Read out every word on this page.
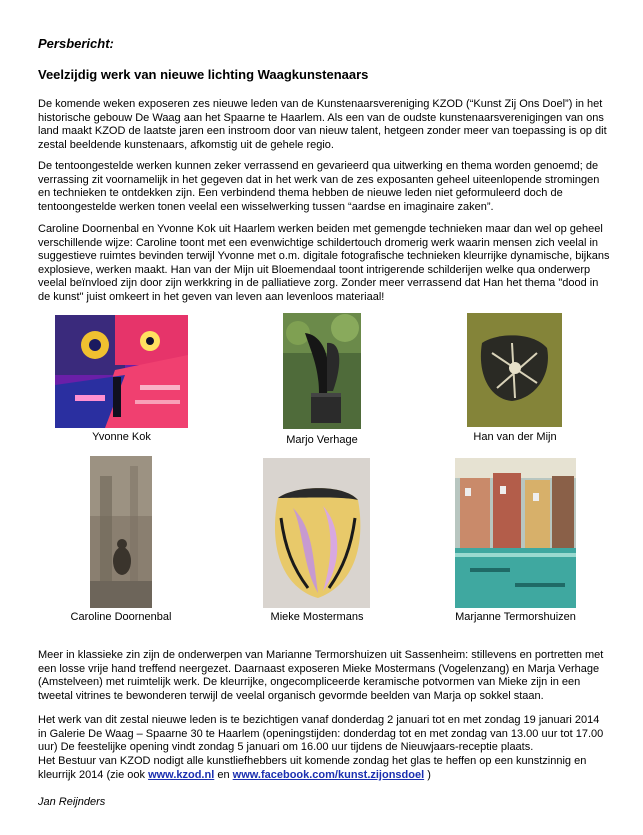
Persbericht:
Veelzijdig werk van nieuwe lichting Waagkunstenaars

De komende weken exposeren zes nieuwe leden van de Kunstenaarsvereniging KZOD (“Kunst Zij Ons Doel”) in het historische gebouw De Waag aan het Spaarne te Haarlem. Als een van de oudste kunstenaarsverenigingen van ons land maakt KZOD de laatste jaren een instroom door van nieuw talent, hetgeen zonder meer van toepassing is op dit zestal beeldende kunstenaars, afkomstig uit de gehele regio.

De tentoongestelde werken kunnen zeker verrassend en gevarieerd qua uitwerking en thema worden genoemd; de verrassing zit voornamelijk in het gegeven dat in het werk van de zes exposanten geheel uiteenlopende stromingen en technieken te ontdekken zijn. Een verbindend thema hebben de nieuwe leden niet geformuleerd doch de tentoongestelde werken tonen veelal een wisselwerking tussen “aardse en imaginaire zaken”.

Caroline Doornenbal en Yvonne Kok uit Haarlem werken beiden met gemengde technieken maar dan wel op geheel verschillende wijze: Caroline toont met een evenwichtige schildertouch dromerig werk waarin mensen zich veelal in suggestieve ruimtes bevinden terwijl Yvonne met o.m. digitale fotografische technieken kleurrijke dynamische, bijkans explosieve, werken maakt. Han van der Mijn uit Bloemendaal toont intrigerende schilderijen welke qua onderwerp veelal beïnvloed zijn door zijn werkkring in de palliatieve zorg. Zonder meer verrassend dat Han het thema "dood in de kunst" juist omkeert in het geven van leven aan levenloos materiaal!

Yvonne Kok	Marjo Verhage	Han van der Mijn
Caroline Doornenbal	Mieke Mostermans	Marjanne Termorshuizen

Meer in klassieke zin zijn de onderwerpen van Marianne Termorshuizen uit Sassenheim: stillevens en portretten met een losse vrije hand treffend neergezet. Daarnaast exposeren Mieke Mostermans (Vogelenzang) en Marja Verhage (Amstelveen) met ruimtelijk werk. De kleurrijke, ongecompliceerde keramische potvormen van Mieke zijn in een tweetal vitrines te bewonderen terwijl de veelal organisch gevormde beelden van Marja op sokkel staan.

Het werk van dit zestal nieuwe leden is te bezichtigen vanaf donderdag 2 januari tot en met zondag 19 januari 2014 in Galerie De Waag – Spaarne 30 te Haarlem (openingstijden: donderdag tot en met zondag van 13.00 uur tot 17.00 uur) De feestelijke opening vindt zondag 5 januari om 16.00 uur tijdens de Nieuwjaars-receptie plaats.

Het Bestuur van KZOD nodigt alle kunstliefhebbers uit komende zondag het glas te heffen op een kunstzinnig en kleurrijk 2014 (zie ook www.kzod.nl en www.facebook.com/kunst.zijonsdoel )

Jan Reijnders
